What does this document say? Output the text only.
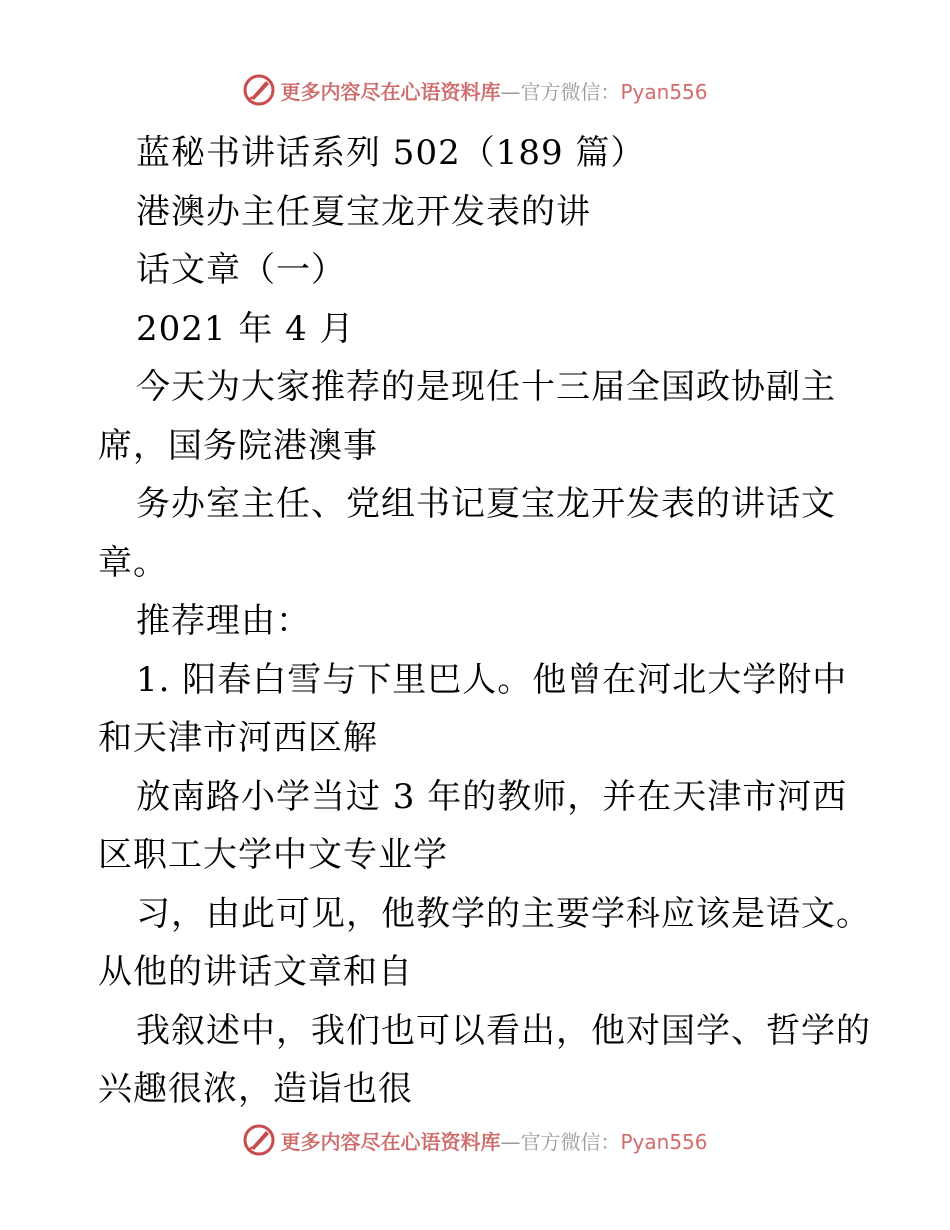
更多内容尽在心语资料库—官方微信：Pyan556
蓝秘书讲话系列 502（189 篇）
港澳办主任夏宝龙开发表的讲
话文章（一）
2021 年 4 月
今天为大家推荐的是现任十三届全国政协副主
席，国务院港澳事
务办室主任、党组书记夏宝龙开发表的讲话文
章。
推荐理由：
1. 阳春白雪与下里巴人。他曾在河北大学附中
和天津市河西区解
放南路小学当过 3 年的教师，并在天津市河西
区职工大学中文专业学
习，由此可见，他教学的主要学科应该是语文。
从他的讲话文章和自
我叙述中，我们也可以看出，他对国学、哲学的
兴趣很浓，造诣也很
更多内容尽在心语资料库—官方微信：Pyan556
